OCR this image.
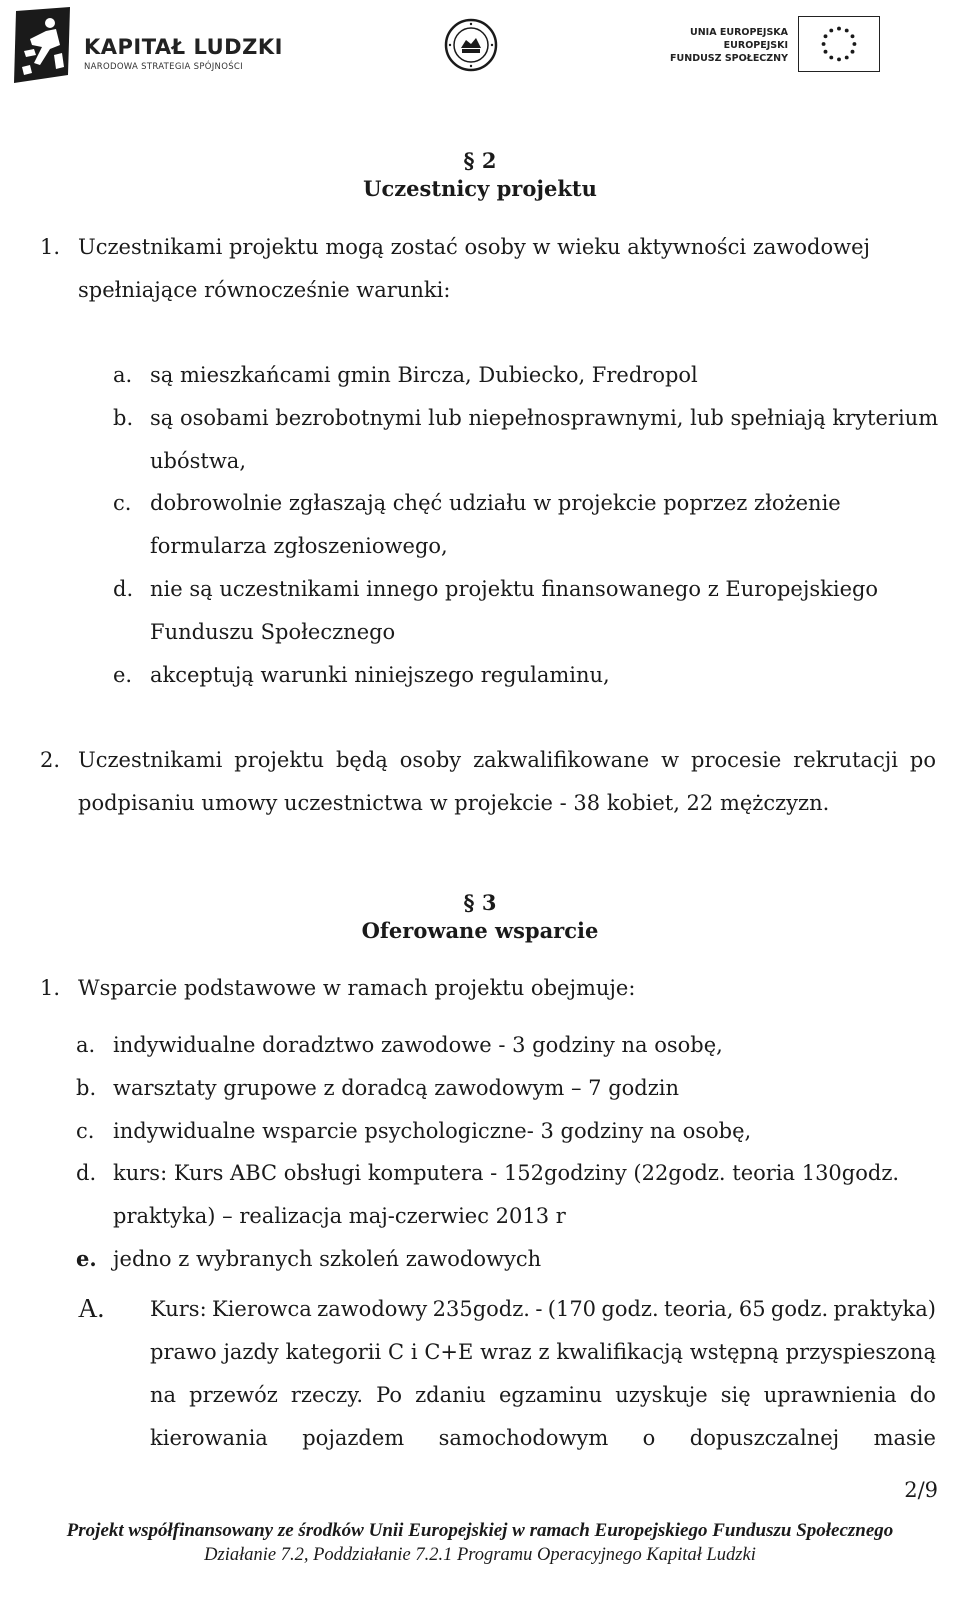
KAPITAŁ LUDZKI
NARODOWA STRATEGIA SPÓJNOŚCI
UNIA EUROPEJSKA
EUROPEJSKI
FUNDUSZ SPOŁECZNY
§ 2
Uczestnicy projektu
1. Uczestnikami projektu mogą zostać osoby w wieku aktywności zawodowej
spełniające równocześnie warunki:
a. są mieszkańcami gmin Bircza, Dubiecko, Fredropol
b. są osobami bezrobotnymi lub niepełnosprawnymi, lub spełniają kryterium
ubóstwa,
c. dobrowolnie zgłaszają chęć udziału w projekcie poprzez złożenie
formularza zgłoszeniowego,
d. nie są uczestnikami innego projektu finansowanego z Europejskiego
Funduszu Społecznego
e. akceptują warunki niniejszego regulaminu,
2. Uczestnikami projektu będą osoby zakwalifikowane w procesie rekrutacji po
podpisaniu umowy uczestnictwa w projekcie - 38 kobiet, 22 mężczyzn.
§ 3
Oferowane wsparcie
1. Wsparcie podstawowe w ramach projektu obejmuje:
a. indywidualne doradztwo zawodowe - 3 godziny na osobę,
b. warsztaty grupowe z doradcą zawodowym – 7 godzin
c. indywidualne wsparcie psychologiczne- 3 godziny na osobę,
d. kurs: Kurs ABC obsługi komputera - 152godziny (22godz. teoria 130godz.
praktyka) – realizacja maj-czerwiec 2013 r
e. jedno z wybranych szkoleń zawodowych
A. Kurs: Kierowca zawodowy 235godz. - (170 godz. teoria, 65 godz. praktyka)
prawo jazdy kategorii C i C+E wraz z kwalifikacją wstępną przyspieszoną
na przewóz rzeczy. Po zdaniu egzaminu uzyskuje się uprawnienia do
kierowania pojazdem samochodowym o dopuszczalnej masie
2/9
Projekt współfinansowany ze środków Unii Europejskiej w ramach Europejskiego Funduszu Społecznego
Działanie 7.2, Poddziałanie 7.2.1 Programu Operacyjnego Kapitał Ludzki
